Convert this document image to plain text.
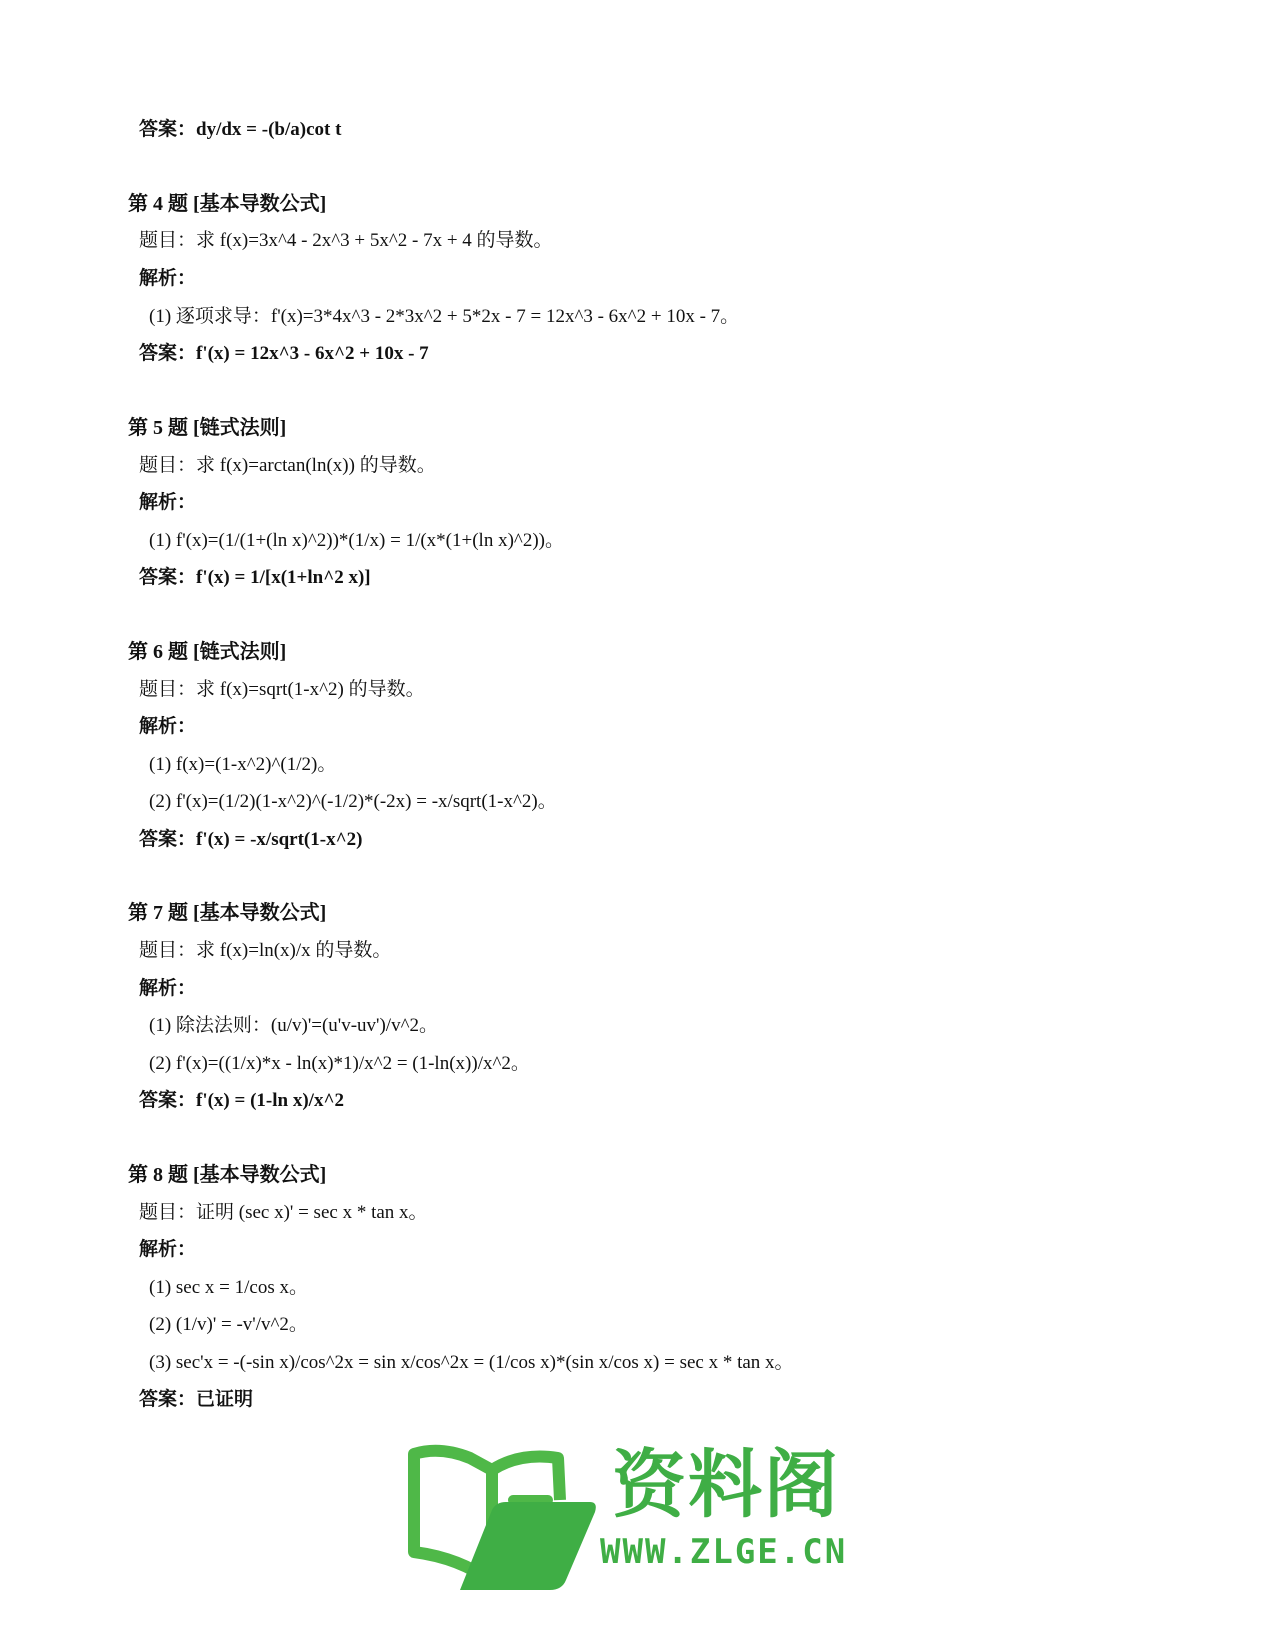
答案：dy/dx = -(b/a)cot t
第 4 题 [基本导数公式]
题目：求 f(x)=3x^4 - 2x^3 + 5x^2 - 7x + 4 的导数。
解析：
(1) 逐项求导：f'(x)=3*4x^3 - 2*3x^2 + 5*2x - 7 = 12x^3 - 6x^2 + 10x - 7。
答案：f'(x) = 12x^3 - 6x^2 + 10x - 7
第 5 题 [链式法则]
题目：求 f(x)=arctan(ln(x)) 的导数。
解析：
(1) f'(x)=(1/(1+(ln x)^2))*(1/x) = 1/(x*(1+(ln x)^2))。
答案：f'(x) = 1/[x(1+ln^2 x)]
第 6 题 [链式法则]
题目：求 f(x)=sqrt(1-x^2) 的导数。
解析：
(1) f(x)=(1-x^2)^(1/2)。
(2) f'(x)=(1/2)(1-x^2)^(-1/2)*(-2x) = -x/sqrt(1-x^2)。
答案：f'(x) = -x/sqrt(1-x^2)
第 7 题 [基本导数公式]
题目：求 f(x)=ln(x)/x 的导数。
解析：
(1) 除法法则：(u/v)'=(u'v-uv')/v^2。
(2) f'(x)=((1/x)*x - ln(x)*1)/x^2 = (1-ln(x))/x^2。
答案：f'(x) = (1-ln x)/x^2
第 8 题 [基本导数公式]
题目：证明 (sec x)' = sec x * tan x。
解析：
(1) sec x = 1/cos x。
(2) (1/v)' = -v'/v^2。
(3) sec'x = -(-sin x)/cos^2x = sin x/cos^2x = (1/cos x)*(sin x/cos x) = sec x * tan x。
答案：已证明
资料阁
WWW.ZLGE.CN
